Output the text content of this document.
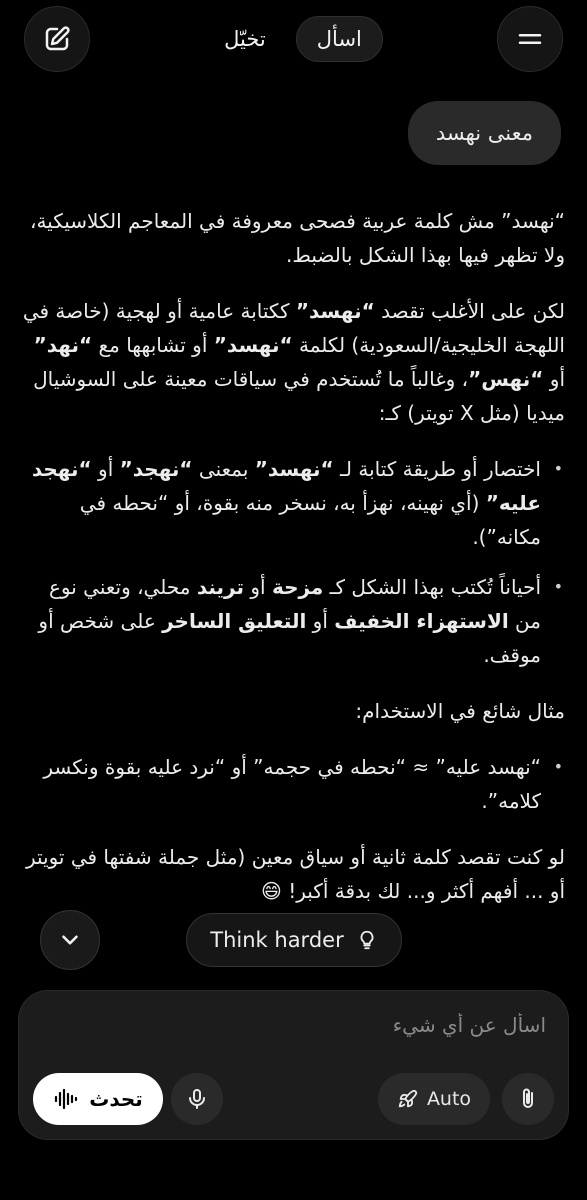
اسأل
تخيّل
معنى نهسد

“نهسد” مش كلمة عربية فصحى معروفة في المعاجم الكلاسيكية، ولا تظهر فيها بهذا الشكل بالضبط.

لكن على الأغلب تقصد “نهسد” ككتابة عامية أو لهجية (خاصة في اللهجة الخليجية/السعودية) لكلمة “نهسد” أو تشابهها مع “نهد” أو “نهس”، وغالباً ما تُستخدم في سياقات معينة على السوشيال ميديا (مثل X تويتر) كـ:

• اختصار أو طريقة كتابة لـ “نهسد” بمعنى “نهجد” أو “نهجد عليه” (أي نهينه، نهزأ به، نسخر منه بقوة، أو “نحطه في مكانه”).
• أحياناً تُكتب بهذا الشكل كـ مزحة أو تريند محلي، وتعني نوع من الاستهزاء الخفيف أو التعليق الساخر على شخص أو موقف.

مثال شائع في الاستخدام:

• “نهسد عليه” ≈ “نحطه في حجمه” أو “نرد عليه بقوة ونكسر كلامه”.

لو كنت تقصد كلمة ثانية أو سياق معين (مثل جملة شفتها في تويتر أو ... أفهم أكثر و... لك بدقة أكبر! 😄

Think harder
اسأل عن أي شيء
Auto
تحدث
